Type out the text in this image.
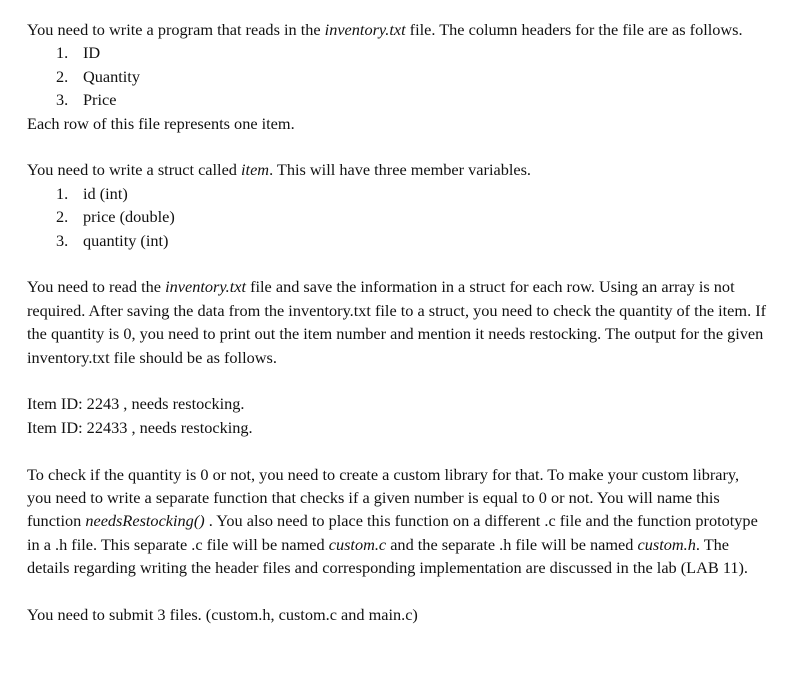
You need to write a program that reads in the inventory.txt file. The column headers for the file are as follows.

1. ID
2. Quantity
3. Price

Each row of this file represents one item.

You need to write a struct called item. This will have three member variables.

1. id (int)
2. price (double)
3. quantity (int)

You need to read the inventory.txt file and save the information in a struct for each row. Using an array is not required. After saving the data from the inventory.txt file to a struct, you need to check the quantity of the item. If the quantity is 0, you need to print out the item number and mention it needs restocking. The output for the given inventory.txt file should be as follows.

Item ID: 2243 , needs restocking.

Item ID: 22433 , needs restocking.

To check if the quantity is 0 or not, you need to create a custom library for that. To make your custom library, you need to write a separate function that checks if a given number is equal to 0 or not. You will name this function needsRestocking() . You also need to place this function on a different .c file and the function prototype in a .h file. This separate .c file will be named custom.c and the separate .h file will be named custom.h. The details regarding writing the header files and corresponding implementation are discussed in the lab (LAB 11).

You need to submit 3 files. (custom.h, custom.c and main.c)
